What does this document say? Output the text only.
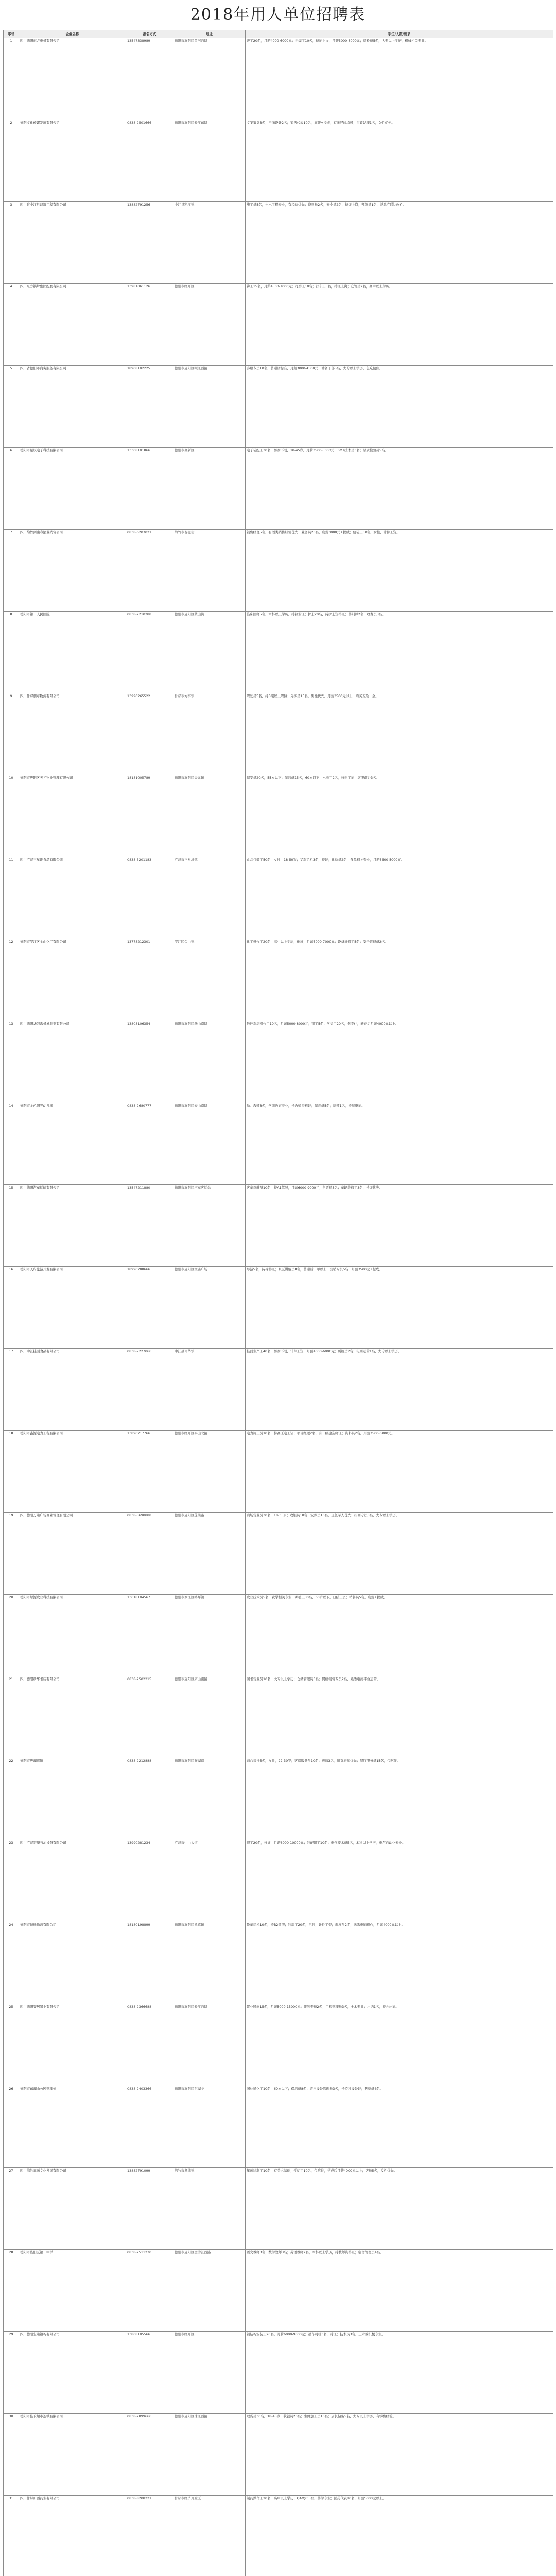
2018年用人单位招聘表
序号	企业名称	报名方式	地址	职位/人数/要求
1	四川德阳东方电机有限公司	13547338989	德阳市旌阳区黄河西路	普工20名，月薪4000-6000元；电焊工10名，持证上岗，月薪5000-8000元；质检员5名，大专以上学历，机械相关专业。
2	德阳文化传媒发展有限公司	0838-2501666	德阳市旌阳区长江东路	文案策划3名；平面设计2名；销售代表10名，底薪+提成，有无经验均可；行政助理1名，女性优先。
3	四川省中江县建筑工程有限公司	13882791256	中江县凯江镇	施工员5名，土木工程专业，有经验优先；资料员2名；安全员2名，持证上岗；预算员1名，熟悉广联达软件。
4	四川东方锅炉集团配套有限公司	13981061126	德阳市经开区	铆工15名，月薪4500-7000元；打磨工10名；行车工5名，持证上岗；仓管员2名，高中以上学历。
5	四川省德阳市商务服务有限公司	18908102225	德阳市旌阳区岷江西路	客服专员10名，普通话标准，月薪3000-4500元；储备干部5名，大专以上学历，包吃包住。
6	德阳市星辰电子科技有限公司	13308101866	德阳市高新区	电子装配工30名，男女不限，18-45岁，月薪3500-5000元；SMT技术员3名；品质检验员5名。
7	四川绵竹剑南春酒业销售公司	0838-6203021	绵竹市春溢街	销售经理5名，有酒类销售经验优先；业务员20名，底薪3000元+提成；包装工30名，女性，计件工资。
8	德阳市第二人民医院	0838-2210288	德阳市旌阳区蒙山街	临床医师5名，本科以上学历，持执业证；护士20名，持护士资格证；药剂师2名；收费员3名。
9	四川什邡烟草物流有限公司	13990265522	什邡市方亭镇	驾驶员5名，持B照以上驾照；分拣员15名，男性优先，月薪3500元以上，购买五险一金。
10	德阳市旌阳区天元物业管理有限公司	18181005789	德阳市旌阳区天元镇	保安员20名，55岁以下；保洁员15名，60岁以下；水电工2名，持电工证；客服前台3名。
11	四川广汉三星堆食品有限公司	0838-5201183	广汉市三星堆镇	食品包装工50名，女性，18-50岁；叉车司机3名，持证；化验员2名，食品相关专业，月薪3500-5000元。
12	德阳市罗江区金山化工有限公司	13778212301	罗江区金山镇	化工操作工20名，高中以上学历，倒班，月薪5000-7000元；设备维修工5名；安全管理员2名。
13	四川德阳华强沟机械制造有限公司	13808106354	德阳市旌阳区华山南路	数控车床操作工10名，月薪5000-8000元；钳工5名；学徒工20名，包吃住，转正后月薪4000元以上。
14	德阳市金色阳光幼儿园	0838-2680777	德阳市旌阳区泰山南路	幼儿教师8名，学前教育专业，持教师资格证；保育员5名；厨师1名，持健康证。
15	四川德阳汽车运输有限公司	13547211880	德阳市旌阳区汽车客运站	客车驾驶员10名，持A1驾照，月薪6000-9000元；售票员5名；车辆维修工3名，持证优先。
16	德阳市天府旅游开发有限公司	18990288666	德阳市旌阳区文庙广场	导游5名，持导游证；景区讲解员8名，普通话二甲以上；营销专员5名，月薪3500元+提成。
17	四川中江挂面食品有限公司	0838-7227066	中江县南华镇	挂面生产工40名，男女不限，计件工资，月薪4000-6000元；质检员2名；电商运营1名，大专以上学历。
18	德阳市鑫源电力工程有限公司	13890217766	德阳市经开区泰山北路	电力施工员10名，持高压电工证；项目经理2名，有二级建造师证；资料员2名，月薪3500-6000元。
19	四川德阳万达广场商业管理有限公司	0838-3698888	德阳市旌阳区蓬莱路	商场营业员30名，18-35岁；收银员10名；安保员10名，退伍军人优先；招商专员3名，大专以上学历。
20	德阳市绿源农业科技有限公司	13618104567	德阳市罗江区略坪镇	农业技术员5名，农学相关专业；种植工30名，60岁以下，日结工资；销售员5名，底薪+提成。
21	四川德阳新华书店有限公司	0838-2502215	德阳市旌阳区庐山南路	图书营业员10名，大专以上学历；仓储管理员3名；网络销售专员2名，熟悉电商平台运营。
22	德阳市旌湖宾馆	0838-2212888	德阳市旌阳区旌湖路	前台接待5名，女性，22-30岁；客房服务员10名；厨师3名，川菜厨师优先；餐厅服务员15名，包吃住。
23	四川广汉宏华石油设备有限公司	13990281234	广汉市中山大道	焊工20名，持证，月薪6000-10000元；装配钳工10名；电气技术员5名，本科以上学历，电气自动化专业。
24	德阳市恒通物流有限公司	18180198899	德阳市旌阳区孝感镇	货车司机10名，持B2驾照；装卸工20名，男性，计件工资；调度员2名，熟悉电脑操作，月薪4000元以上。
25	四川德阳安居置业有限公司	0838-2366688	德阳市旌阳区长江西路	置业顾问15名，月薪5000-15000元；策划专员2名；工程管理员3名，土木专业；出纳1名，持会计证。
26	德阳市东湖山公园管理处	0838-2403366	德阳市旌阳区东湖乡	园林绿化工10名，60岁以下；保洁员8名；游乐设备管理员3名，持特种设备证；售票员4名。
27	四川绵竹年画文化发展有限公司	13882791099	绵竹市孝德镇	年画绘制工10名，有美术基础；学徒工10名，包吃住，学成后月薪4000元以上；店员5名，女性优先。
28	德阳市旌阳区第一中学	0838-2511230	德阳市旌阳区金沙江西路	语文教师3名；数学教师3名；英语教师2名，本科以上学历，持教师资格证；宿舍管理员4名。
29	四川德阳宏达钢构有限公司	13808105566	德阳市经开区	钢结构安装工20名，月薪6000-9000元；吊车司机3名，持证；技术员3名，土木或机械专业。
30	德阳市佳禾超市连锁有限公司	0838-2899666	德阳市旌阳区珠江西路	理货员30名，18-45岁；收银员20名；生鲜加工员10名；店长储备5名，大专以上学历，有零售经验。
31	四川什邡川西药业有限公司	0838-8208221	什邡市经济开发区	制药操作工20名，高中以上学历；QA/QC 5名，药学专业；医药代表10名，月薪5000元以上。
